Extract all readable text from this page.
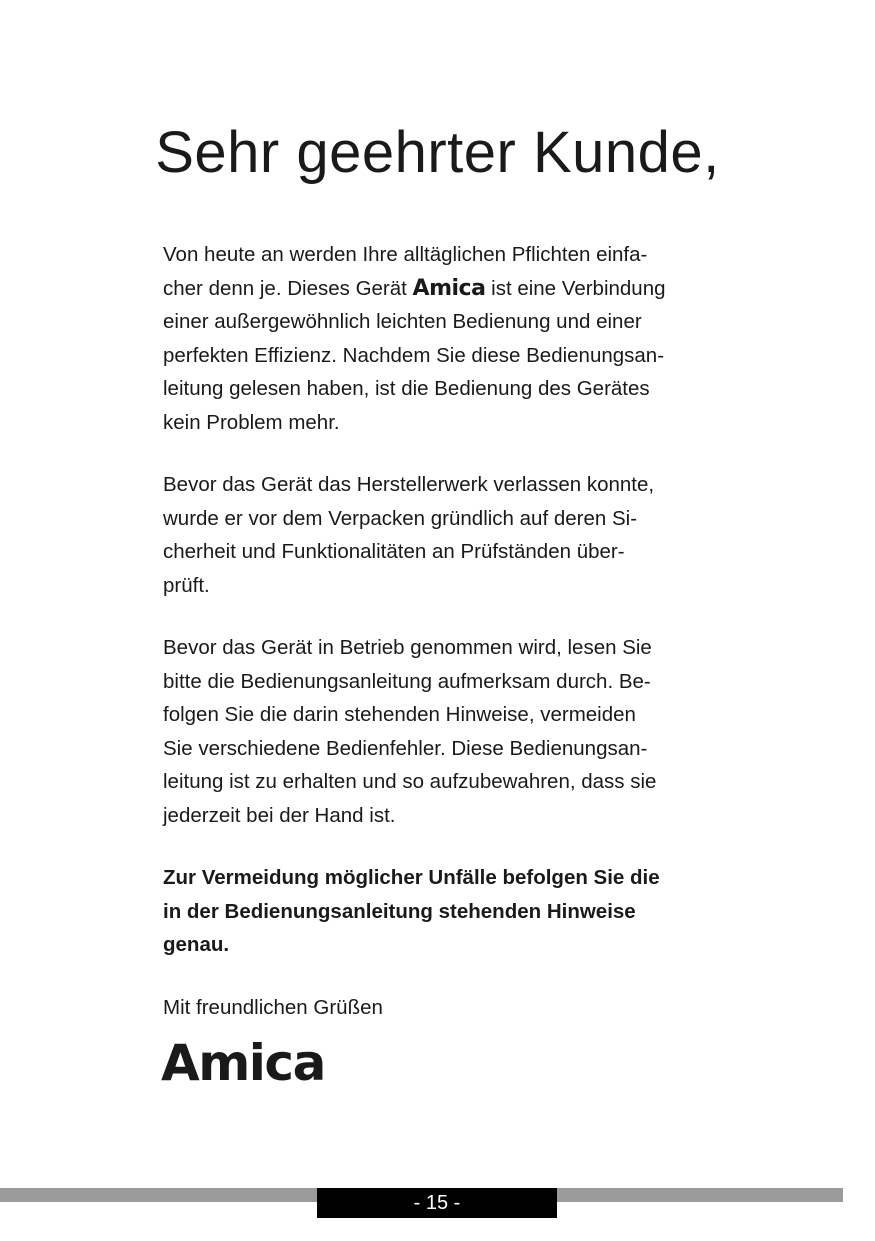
Sehr geehrter Kunde,

Von heute an werden Ihre alltäglichen Pflichten einfa-
cher denn je. Dieses Gerät Amica ist eine Verbindung
einer außergewöhnlich leichten Bedienung und einer
perfekten Effizienz. Nachdem Sie diese Bedienungsan-
leitung gelesen haben, ist die Bedienung des Gerätes
kein Problem mehr.

Bevor das Gerät das Herstellerwerk verlassen konnte,
wurde er vor dem Verpacken gründlich auf deren Si-
cherheit und Funktionalitäten an Prüfständen über-
prüft.

Bevor das Gerät in Betrieb genommen wird, lesen Sie
bitte die Bedienungsanleitung aufmerksam durch. Be-
folgen Sie die darin stehenden Hinweise, vermeiden
Sie verschiedene Bedienfehler. Diese Bedienungsan-
leitung ist zu erhalten und so aufzubewahren, dass sie
jederzeit bei der Hand ist.

Zur Vermeidung möglicher Unfälle befolgen Sie die
in der Bedienungsanleitung stehenden Hinweise
genau.

Mit freundlichen Grüßen

Amica
- 15 -
